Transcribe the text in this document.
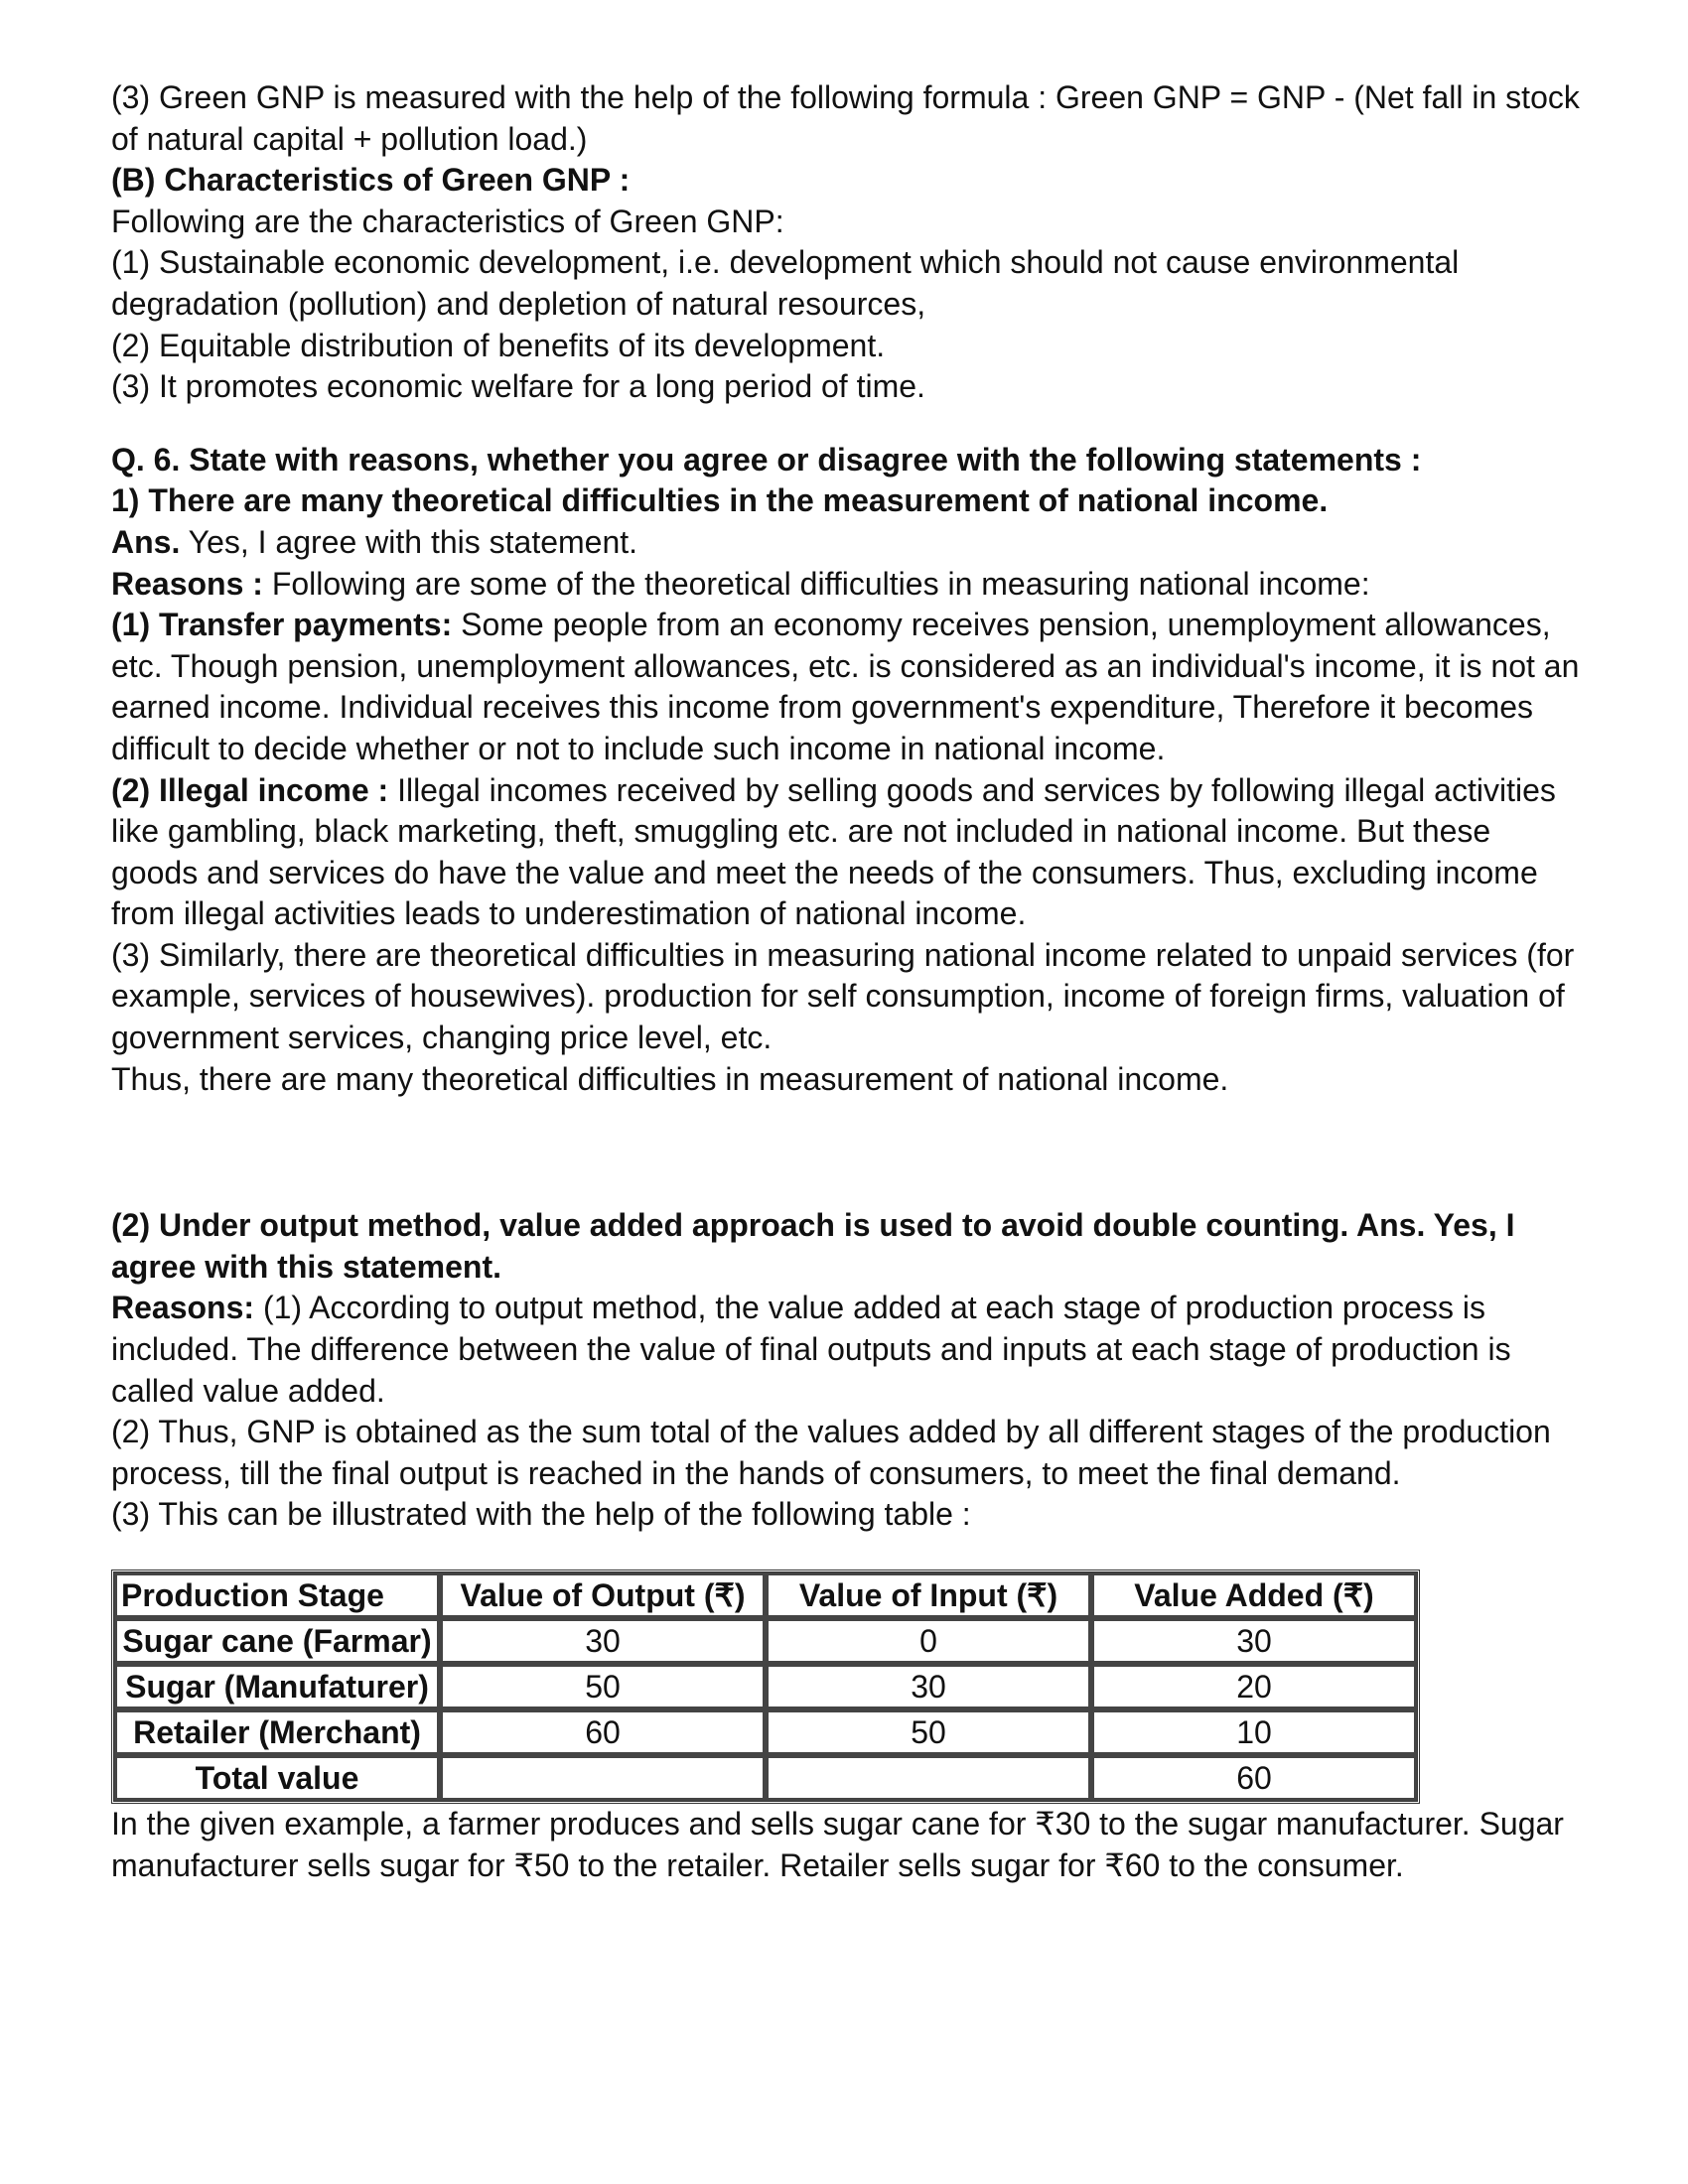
(3) Green GNP is measured with the help of the following formula : Green GNP = GNP - (Net fall in stock of natural capital + pollution load.)

(B) Characteristics of Green GNP :

Following are the characteristics of Green GNP:

(1) Sustainable economic development, i.e. development which should not cause environmental degradation (pollution) and depletion of natural resources,

(2) Equitable distribution of benefits of its development.

(3) It promotes economic welfare for a long period of time.

Q. 6. State with reasons, whether you agree or disagree with the following statements :

1) There are many theoretical difficulties in the measurement of national income.

Ans. Yes, I agree with this statement.

Reasons : Following are some of the theoretical difficulties in measuring national income:

(1) Transfer payments: Some people from an economy receives pension, unemployment allowances, etc. Though pension, unemployment allowances, etc. is considered as an individual's income, it is not an earned income. Individual receives this income from government's expenditure, Therefore it becomes difficult to decide whether or not to include such income in national income.

(2) Illegal income : Illegal incomes received by selling goods and services by following illegal activities like gambling, black marketing, theft, smuggling etc. are not included in national income. But these goods and services do have the value and meet the needs of the consumers. Thus, excluding income from illegal activities leads to underestimation of national income.

(3) Similarly, there are theoretical difficulties in measuring national income related to unpaid services (for example, services of housewives). production for self consumption, income of foreign firms, valuation of government services, changing price level, etc.

Thus, there are many theoretical difficulties in measurement of national income.

(2) Under output method, value added approach is used to avoid double counting. Ans. Yes, I agree with this statement.

Reasons: (1) According to output method, the value added at each stage of production process is included. The difference between the value of final outputs and inputs at each stage of production is called value added.

(2) Thus, GNP is obtained as the sum total of the values added by all different stages of the production process, till the final output is reached in the hands of consumers, to meet the final demand.

(3) This can be illustrated with the help of the following table :

Production Stage	Value of Output (₹)	Value of Input (₹)	Value Added (₹)
Sugar cane (Farmar)	30	0	30
Sugar (Manufaturer)	50	30	20
Retailer (Merchant)	60	50	10
Total value			60

In the given example, a farmer produces and sells sugar cane for ₹30 to the sugar manufacturer. Sugar manufacturer sells sugar for ₹50 to the retailer. Retailer sells sugar for ₹60 to the consumer.
